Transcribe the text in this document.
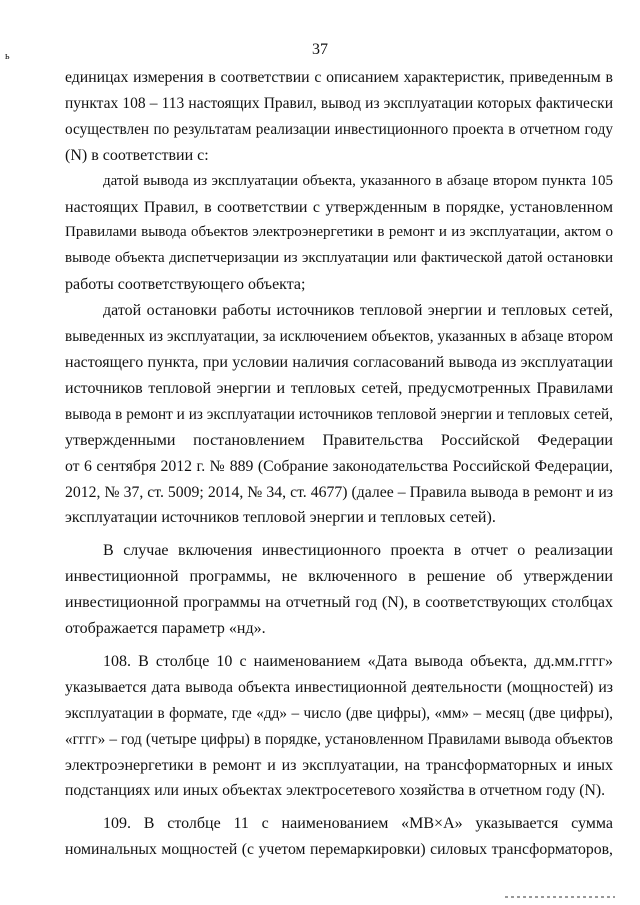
37
ь
единицах измерения в соответствии с описанием характеристик, приведенным в
пунктах 108 – 113 настоящих Правил, вывод из эксплуатации которых фактически
осуществлен по результатам реализации инвестиционного проекта в отчетном году
(N) в соответствии с:
датой вывода из эксплуатации объекта, указанного в абзаце втором пункта 105
настоящих Правил, в соответствии с утвержденным в порядке, установленном
Правилами вывода объектов электроэнергетики в ремонт и из эксплуатации, актом о
выводе объекта диспетчеризации из эксплуатации или фактической датой остановки
работы соответствующего объекта;
датой остановки работы источников тепловой энергии и тепловых сетей,
выведенных из эксплуатации, за исключением объектов, указанных в абзаце втором
настоящего пункта, при условии наличия согласований вывода из эксплуатации
источников тепловой энергии и тепловых сетей, предусмотренных Правилами
вывода в ремонт и из эксплуатации источников тепловой энергии и тепловых сетей,
утвержденными постановлением Правительства Российской Федерации
от 6 сентября 2012 г. № 889 (Собрание законодательства Российской Федерации,
2012, № 37, ст. 5009; 2014, № 34, ст. 4677) (далее – Правила вывода в ремонт и из
эксплуатации источников тепловой энергии и тепловых сетей).
В случае включения инвестиционного проекта в отчет о реализации
инвестиционной программы, не включенного в решение об утверждении
инвестиционной программы на отчетный год (N), в соответствующих столбцах
отображается параметр «нд».
108. В столбце 10 с наименованием «Дата вывода объекта, дд.мм.гггг»
указывается дата вывода объекта инвестиционной деятельности (мощностей) из
эксплуатации в формате, где «дд» – число (две цифры), «мм» – месяц (две цифры),
«гггг» – год (четыре цифры) в порядке, установленном Правилами вывода объектов
электроэнергетики в ремонт и из эксплуатации, на трансформаторных и иных
подстанциях или иных объектах электросетевого хозяйства в отчетном году (N).
109. В столбце 11 с наименованием «МВ×А» указывается сумма
номинальных мощностей (с учетом перемаркировки) силовых трансформаторов,
